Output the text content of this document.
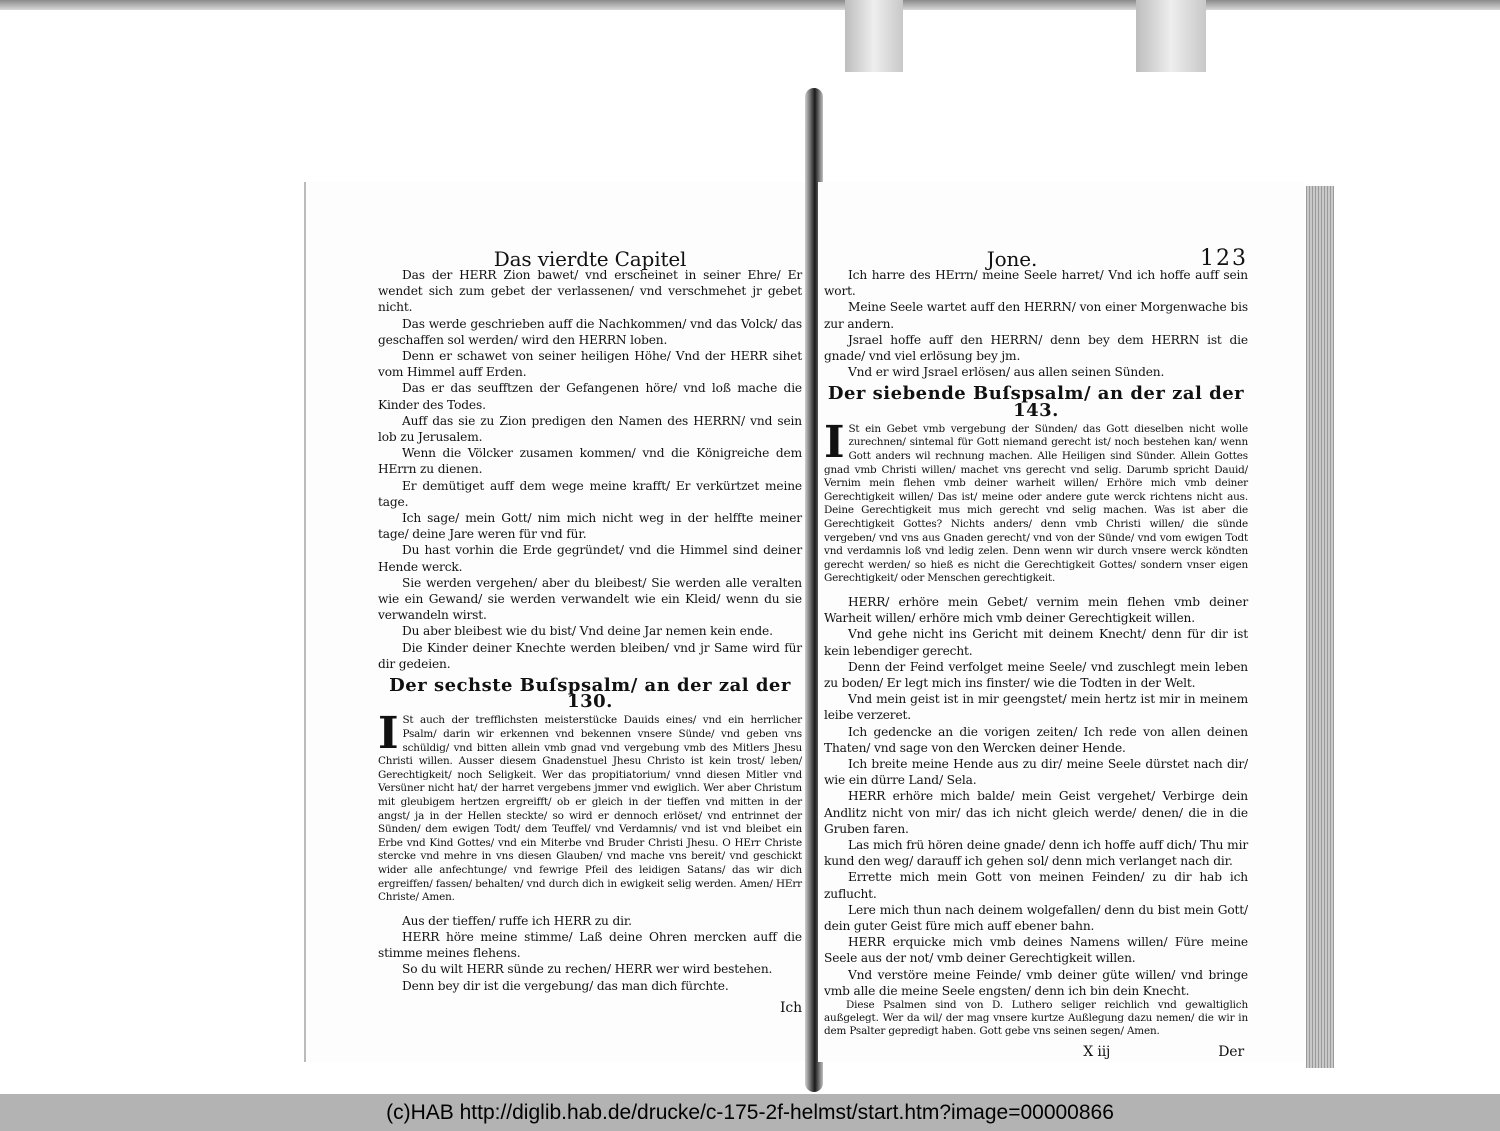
Das vierdte Capitel

Das der HERR Zion bawet/ vnd erscheinet in seiner Ehre/ Er wendet sich zum gebet der verlassenen/ vnd verschmehet jr gebet nicht.

Das werde geschrieben auff die Nachkommen/ vnd das Volck/ das geschaffen sol werden/ wird den HERRN loben.

Denn er schawet von seiner heiligen Höhe/ Vnd der HERR sihet vom Himmel auff Erden.

Das er das seufftzen der Gefangenen höre/ vnd loß mache die Kinder des Todes.

Auff das sie zu Zion predigen den Namen des HERRN/ vnd sein lob zu Jerusalem.

Wenn die Völcker zusamen kommen/ vnd die Königreiche dem HErrn zu dienen.

Er demütiget auff dem wege meine krafft/ Er verkürtzet meine tage.

Ich sage/ mein Gott/ nim mich nicht weg in der helffte meiner tage/ deine Jare weren für vnd für.

Du hast vorhin die Erde gegründet/ vnd die Himmel sind deiner Hende werck.

Sie werden vergehen/ aber du bleibest/ Sie werden alle veralten wie ein Gewand/ sie werden verwandelt wie ein Kleid/ wenn du sie verwandeln wirst.

Du aber bleibest wie du bist/ Vnd deine Jar nemen kein ende.

Die Kinder deiner Knechte werden bleiben/ vnd jr Same wird für dir gedeien.

Der sechste Buſspsalm/ an der zal der 130.
I St auch der trefflichsten meisterstücke Dauids eines/ vnd ein herrlicher Psalm/ darin wir erkennen vnd bekennen vnsere Sünde/ vnd geben vns schüldig/ vnd bitten allein vmb gnad vnd vergebung vmb des Mitlers Jhesu Christi willen. Ausser diesem Gnadenstuel Jhesu Christo ist kein trost/ leben/ Gerechtigkeit/ noch Seligkeit. Wer das propitiatorium/ vnnd diesen Mitler vnd Versüner nicht hat/ der harret vergebens jmmer vnd ewiglich. Wer aber Christum mit gleubigem hertzen ergreifft/ ob er gleich in der tieffen vnd mitten in der angst/ ja in der Hellen steckte/ so wird er dennoch erlöset/ vnd entrinnet der Sünden/ dem ewigen Todt/ dem Teuffel/ vnd Verdamnis/ vnd ist vnd bleibet ein Erbe vnd Kind Gottes/ vnd ein Miterbe vnd Bruder Christi Jhesu. O HErr Christe stercke vnd mehre in vns diesen Glauben/ vnd mache vns bereit/ vnd geschickt wider alle anfechtunge/ vnd fewrige Pfeil des leidigen Satans/ das wir dich ergreiffen/ fassen/ behalten/ vnd durch dich in ewigkeit selig werden. Amen/ HErr Christe/ Amen.

Aus der tieffen/ ruffe ich HERR zu dir.

HERR höre meine stimme/ Laß deine Ohren mercken auff die stimme meines flehens.

So du wilt HERR sünde zu rechen/ HERR wer wird bestehen.

Denn bey dir ist die vergebung/ das man dich fürchte.

Ich
Jone.	123

Ich harre des HErrn/ meine Seele harret/ Vnd ich hoffe auff sein wort.

Meine Seele wartet auff den HERRN/ von einer Morgenwache bis zur andern.

Jsrael hoffe auff den HERRN/ denn bey dem HERRN ist die gnade/ vnd viel erlösung bey jm.

Vnd er wird Jsrael erlösen/ aus allen seinen Sünden.

Der siebende Buſspsalm/ an der zal der 143.
I St ein Gebet vmb vergebung der Sünden/ das Gott dieselben nicht wolle zurechnen/ sintemal für Gott niemand gerecht ist/ noch bestehen kan/ wenn Gott anders wil rechnung machen. Alle Heiligen sind Sünder. Allein Gottes gnad vmb Christi willen/ machet vns gerecht vnd selig. Darumb spricht Dauid/ Vernim mein flehen vmb deiner warheit willen/ Erhöre mich vmb deiner Gerechtigkeit willen/ Das ist/ meine oder andere gute werck richtens nicht aus. Deine Gerechtigkeit mus mich gerecht vnd selig machen. Was ist aber die Gerechtigkeit Gottes? Nichts anders/ denn vmb Christi willen/ die sünde vergeben/ vnd vns aus Gnaden gerecht/ vnd von der Sünde/ vnd vom ewigen Todt vnd verdamnis loß vnd ledig zelen. Denn wenn wir durch vnsere werck köndten gerecht werden/ so hieß es nicht die Gerechtigkeit Gottes/ sondern vnser eigen Gerechtigkeit/ oder Menschen gerechtigkeit.

HERR/ erhöre mein Gebet/ vernim mein flehen vmb deiner Warheit willen/ erhöre mich vmb deiner Gerechtigkeit willen.

Vnd gehe nicht ins Gericht mit deinem Knecht/ denn für dir ist kein lebendiger gerecht.

Denn der Feind verfolget meine Seele/ vnd zuschlegt mein leben zu boden/ Er legt mich ins finster/ wie die Todten in der Welt.

Vnd mein geist ist in mir geengstet/ mein hertz ist mir in meinem leibe verzeret.

Ich gedencke an die vorigen zeiten/ Ich rede von allen deinen Thaten/ vnd sage von den Wercken deiner Hende.

Ich breite meine Hende aus zu dir/ meine Seele dürstet nach dir/ wie ein dürre Land/ Sela.

HERR erhöre mich balde/ mein Geist vergehet/ Verbirge dein Andlitz nicht von mir/ das ich nicht gleich werde/ denen/ die in die Gruben faren.

Las mich frü hören deine gnade/ denn ich hoffe auff dich/ Thu mir kund den weg/ darauff ich gehen sol/ denn mich verlanget nach dir.

Errette mich mein Gott von meinen Feinden/ zu dir hab ich zuflucht.

Lere mich thun nach deinem wolgefallen/ denn du bist mein Gott/ dein guter Geist füre mich auff ebener bahn.

HERR erquicke mich vmb deines Namens willen/ Füre meine Seele aus der not/ vmb deiner Gerechtigkeit willen.

Vnd verstöre meine Feinde/ vmb deiner güte willen/ vnd bringe vmb alle die meine Seele engsten/ denn ich bin dein Knecht.

Diese Psalmen sind von D. Luthero seliger reichlich vnd gewaltiglich außgelegt. Wer da wil/ der mag vnsere kurtze Außlegung dazu nemen/ die wir in dem Psalter gepredigt haben. Gott gebe vns seinen segen/ Amen.

X iij	Der
(c)HAB http://diglib.hab.de/drucke/c-175-2f-helmst/start.htm?image=00000866
